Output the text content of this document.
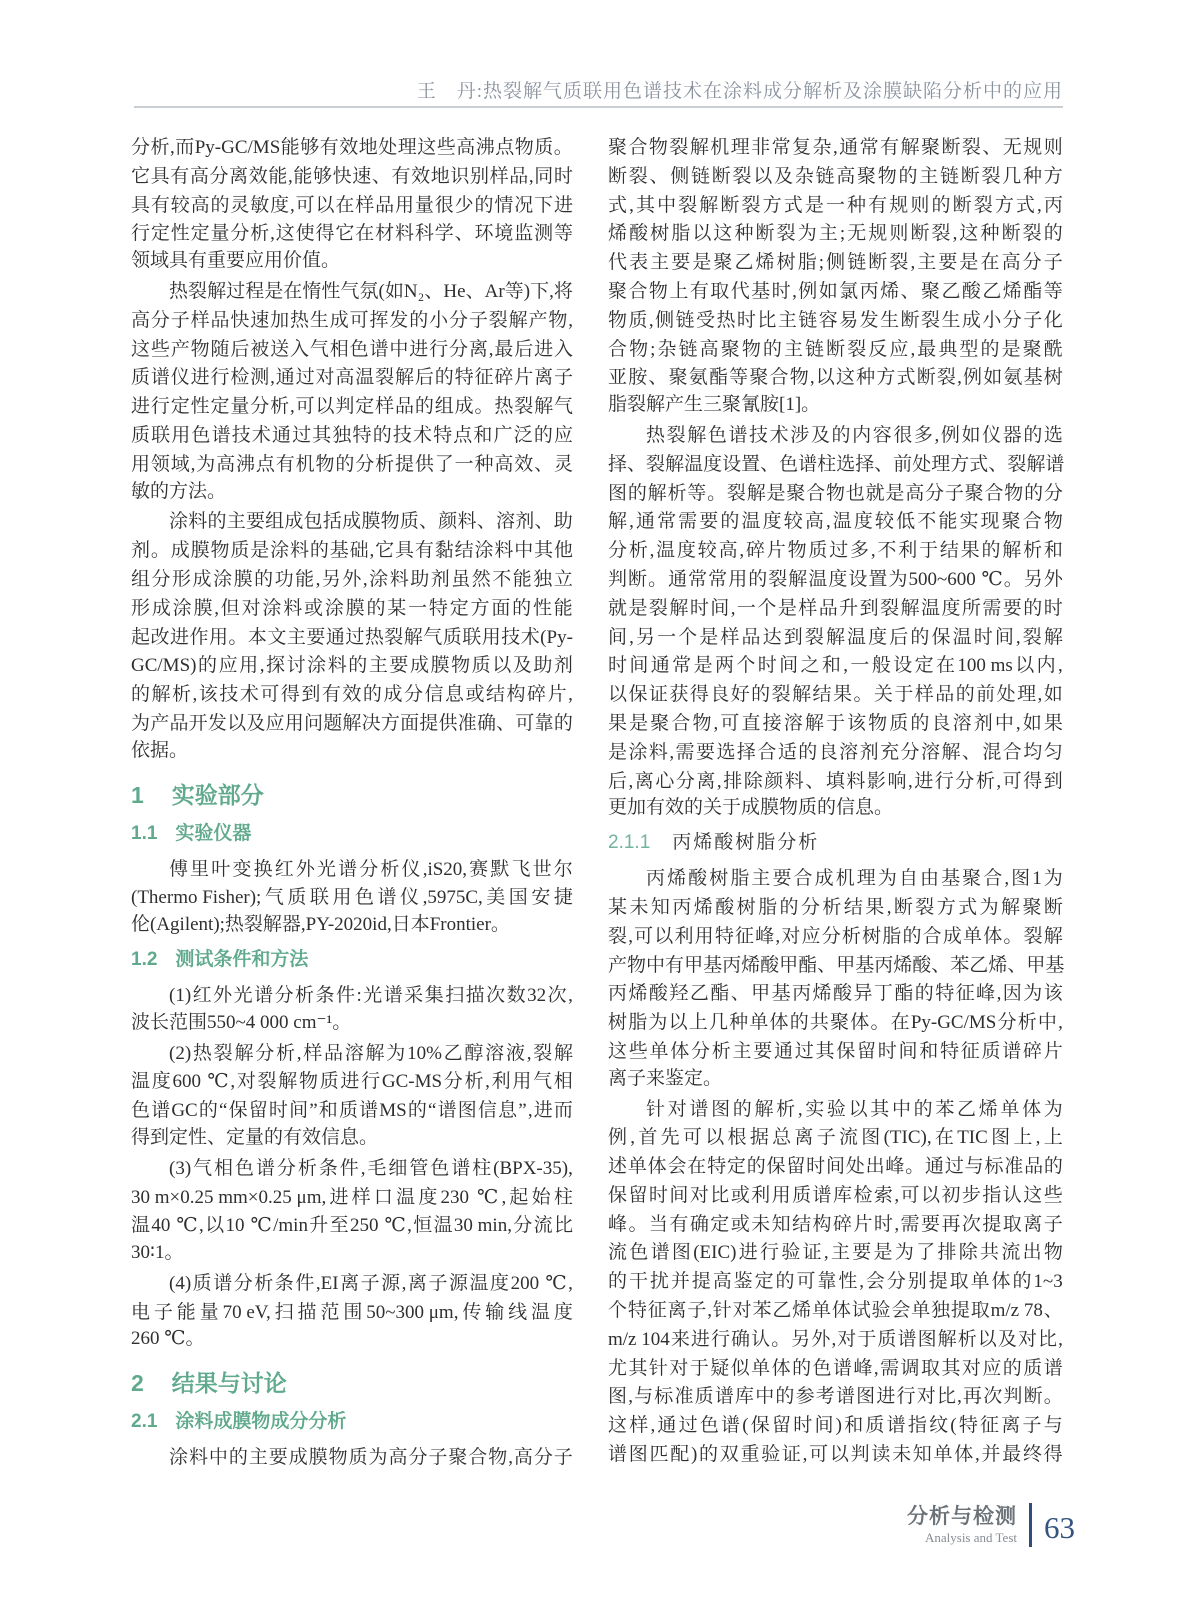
王　丹:热裂解气质联用色谱技术在涂料成分解析及涂膜缺陷分析中的应用
分 析 , 而 Py-GC/MS 能 够 有 效 地 处 理 这 些 高 沸 点 物 质 。
它 具 有 高 分 离 效 能 , 能 够 快 速 、 有 效 地 识 别 样 品 , 同 时
具 有 较 高 的 灵 敏 度 , 可 以 在 样 品 用 量 很 少 的 情 况 下 进
行 定 性 定 量 分 析 , 这 使 得 它 在 材 料 科 学 、 环 境 监 测 等
领域具有重要应用价值。
热 裂 解 过 程 是 在 惰 性 气 氛 ( 如 N₂ 、 He 、 Ar 等 ) 下 , 将
高 分 子 样 品 快 速 加 热 生 成 可 挥 发 的 小 分 子 裂 解 产 物 ,
这 些 产 物 随 后 被 送 入 气 相 色 谱 中 进 行 分 离 , 最 后 进 入
质 谱 仪 进 行 检 测 , 通 过 对 高 温 裂 解 后 的 特 征 碎 片 离 子
进 行 定 性 定 量 分 析 , 可 以 判 定 样 品 的 组 成 。 热 裂 解 气
质 联 用 色 谱 技 术 通 过 其 独 特 的 技 术 特 点 和 广 泛 的 应
用 领 域 , 为 高 沸 点 有 机 物 的 分 析 提 供 了 一 种 高 效 、 灵
敏的方法。
涂 料 的 主 要 组 成 包 括 成 膜 物 质 、 颜 料 、 溶 剂 、 助
剂 。 成 膜 物 质 是 涂 料 的 基 础 , 它 具 有 黏 结 涂 料 中 其 他
组 分 形 成 涂 膜 的 功 能 , 另 外 , 涂 料 助 剂 虽 然 不 能 独 立
形 成 涂 膜 , 但 对 涂 料 或 涂 膜 的 某 一 特 定 方 面 的 性 能
起 改 进 作 用 。 本 文 主 要 通 过 热 裂 解 气 质 联 用 技 术 (Py-
GC/MS) 的 应 用 , 探 讨 涂 料 的 主 要 成 膜 物 质 以 及 助 剂
的 解 析 , 该 技 术 可 得 到 有 效 的 成 分 信 息 或 结 构 碎 片 ,
为 产 品 开 发 以 及 应 用 问 题 解 决 方 面 提 供 准 确 、 可 靠 的
依据。
1 实验部分
1.1 实验仪器
傅 里 叶 变 换 红 外 光 谱 分 析 仪 ,iS20, 赛 默 飞 世 尔
(Thermo Fisher); 气 质 联 用 色 谱 仪 ,5975C, 美 国 安 捷
伦(Agilent);热裂解器,PY-2020id,日本Frontier。
1.2 测试条件和方法
(1) 红 外 光 谱 分 析 条 件 : 光 谱 采 集 扫 描 次 数 32 次 ,
波长范围550~4 000 cm⁻¹。
(2) 热 裂 解 分 析 , 样 品 溶 解 为 10% 乙 醇 溶 液 , 裂 解
温 度 600 ℃ , 对 裂 解 物 质 进 行 GC-MS 分 析 , 利 用 气 相
色 谱 GC 的 “ 保 留 时 间 ” 和 质 谱 MS 的 “ 谱 图 信 息 ” , 进 而
得到定性、定量的有效信息。
(3) 气 相 色 谱 分 析 条 件 , 毛 细 管 色 谱 柱 (BPX-35),
30 m×0.25 mm×0.25 μm, 进 样 口 温 度 230 ℃ , 起 始 柱
温 40 ℃ , 以 10 ℃ /min 升 至 250 ℃ , 恒 温 30 min, 分 流 比
30∶1。
(4) 质 谱 分 析 条 件 ,EI 离 子 源 , 离 子 源 温 度 200 ℃ ,
电 子 能 量 70 eV, 扫 描 范 围 50~300 μm, 传 输 线 温 度
260 ℃。
2 结果与讨论
2.1 涂料成膜物成分分析
涂 料 中 的 主 要 成 膜 物 质 为 高 分 子 聚 合 物 , 高 分 子
聚 合 物 裂 解 机 理 非 常 复 杂 , 通 常 有 解 聚 断 裂 、 无 规 则
断 裂 、 侧 链 断 裂 以 及 杂 链 高 聚 物 的 主 链 断 裂 几 种 方
式 , 其 中 裂 解 断 裂 方 式 是 一 种 有 规 则 的 断 裂 方 式 , 丙
烯 酸 树 脂 以 这 种 断 裂 为 主 ; 无 规 则 断 裂 , 这 种 断 裂 的
代 表 主 要 是 聚 乙 烯 树 脂 ; 侧 链 断 裂 , 主 要 是 在 高 分 子
聚 合 物 上 有 取 代 基 时 , 例 如 氯 丙 烯 、 聚 乙 酸 乙 烯 酯 等
物 质 , 侧 链 受 热 时 比 主 链 容 易 发 生 断 裂 生 成 小 分 子 化
合 物 ; 杂 链 高 聚 物 的 主 链 断 裂 反 应 , 最 典 型 的 是 聚 酰
亚 胺 、 聚 氨 酯 等 聚 合 物 , 以 这 种 方 式 断 裂 , 例 如 氨 基 树
脂裂解产生三聚氰胺[1]。
热 裂 解 色 谱 技 术 涉 及 的 内 容 很 多 , 例 如 仪 器 的 选
择 、 裂 解 温 度 设 置 、 色 谱 柱 选 择 、 前 处 理 方 式 、 裂 解 谱
图 的 解 析 等 。 裂 解 是 聚 合 物 也 就 是 高 分 子 聚 合 物 的 分
解 , 通 常 需 要 的 温 度 较 高 , 温 度 较 低 不 能 实 现 聚 合 物
分 析 , 温 度 较 高 , 碎 片 物 质 过 多 , 不 利 于 结 果 的 解 析 和
判 断 。 通 常 常 用 的 裂 解 温 度 设 置 为 500~600 ℃ 。 另 外
就 是 裂 解 时 间 , 一 个 是 样 品 升 到 裂 解 温 度 所 需 要 的 时
间 , 另 一 个 是 样 品 达 到 裂 解 温 度 后 的 保 温 时 间 , 裂 解
时 间 通 常 是 两 个 时 间 之 和 , 一 般 设 定 在 100 ms 以 内 ,
以 保 证 获 得 良 好 的 裂 解 结 果 。 关 于 样 品 的 前 处 理 , 如
果 是 聚 合 物 , 可 直 接 溶 解 于 该 物 质 的 良 溶 剂 中 , 如 果
是 涂 料 , 需 要 选 择 合 适 的 良 溶 剂 充 分 溶 解 、 混 合 均 匀
后 , 离 心 分 离 , 排 除 颜 料 、 填 料 影 响 , 进 行 分 析 , 可 得 到
更加有效的关于成膜物质的信息。
2.1.1 丙烯酸树脂分析
丙 烯 酸 树 脂 主 要 合 成 机 理 为 自 由 基 聚 合 , 图 1 为
某 未 知 丙 烯 酸 树 脂 的 分 析 结 果 , 断 裂 方 式 为 解 聚 断
裂 , 可 以 利 用 特 征 峰 , 对 应 分 析 树 脂 的 合 成 单 体 。 裂 解
产 物 中 有 甲 基 丙 烯 酸 甲 酯 、 甲 基 丙 烯 酸 、 苯 乙 烯 、 甲 基
丙 烯 酸 羟 乙 酯 、 甲 基 丙 烯 酸 异 丁 酯 的 特 征 峰 , 因 为 该
树 脂 为 以 上 几 种 单 体 的 共 聚 体 。 在 Py-GC/MS 分 析 中 ,
这 些 单 体 分 析 主 要 通 过 其 保 留 时 间 和 特 征 质 谱 碎 片
离子来鉴定。
针 对 谱 图 的 解 析 , 实 验 以 其 中 的 苯 乙 烯 单 体 为
例 , 首 先 可 以 根 据 总 离 子 流 图 (TIC), 在 TIC 图 上 , 上
述 单 体 会 在 特 定 的 保 留 时 间 处 出 峰 。 通 过 与 标 准 品 的
保 留 时 间 对 比 或 利 用 质 谱 库 检 索 , 可 以 初 步 指 认 这 些
峰 。 当 有 确 定 或 未 知 结 构 碎 片 时 , 需 要 再 次 提 取 离 子
流 色 谱 图 (EIC) 进 行 验 证 , 主 要 是 为 了 排 除 共 流 出 物
的 干 扰 并 提 高 鉴 定 的 可 靠 性 , 会 分 别 提 取 单 体 的 1~3
个 特 征 离 子 , 针 对 苯 乙 烯 单 体 试 验 会 单 独 提 取 m/z 78 、
m/z 104 来 进 行 确 认 。 另 外 , 对 于 质 谱 图 解 析 以 及 对 比 ,
尤 其 针 对 于 疑 似 单 体 的 色 谱 峰 , 需 调 取 其 对 应 的 质 谱
图 , 与 标 准 质 谱 库 中 的 参 考 谱 图 进 行 对 比 , 再 次 判 断 。
这 样 , 通 过 色 谱 ( 保 留 时 间 ) 和 质 谱 指 纹 ( 特 征 离 子 与
谱 图 匹 配 ) 的 双 重 验 证 , 可 以 判 读 未 知 单 体 , 并 最 终 得
分析与检测
Analysis and Test 63
